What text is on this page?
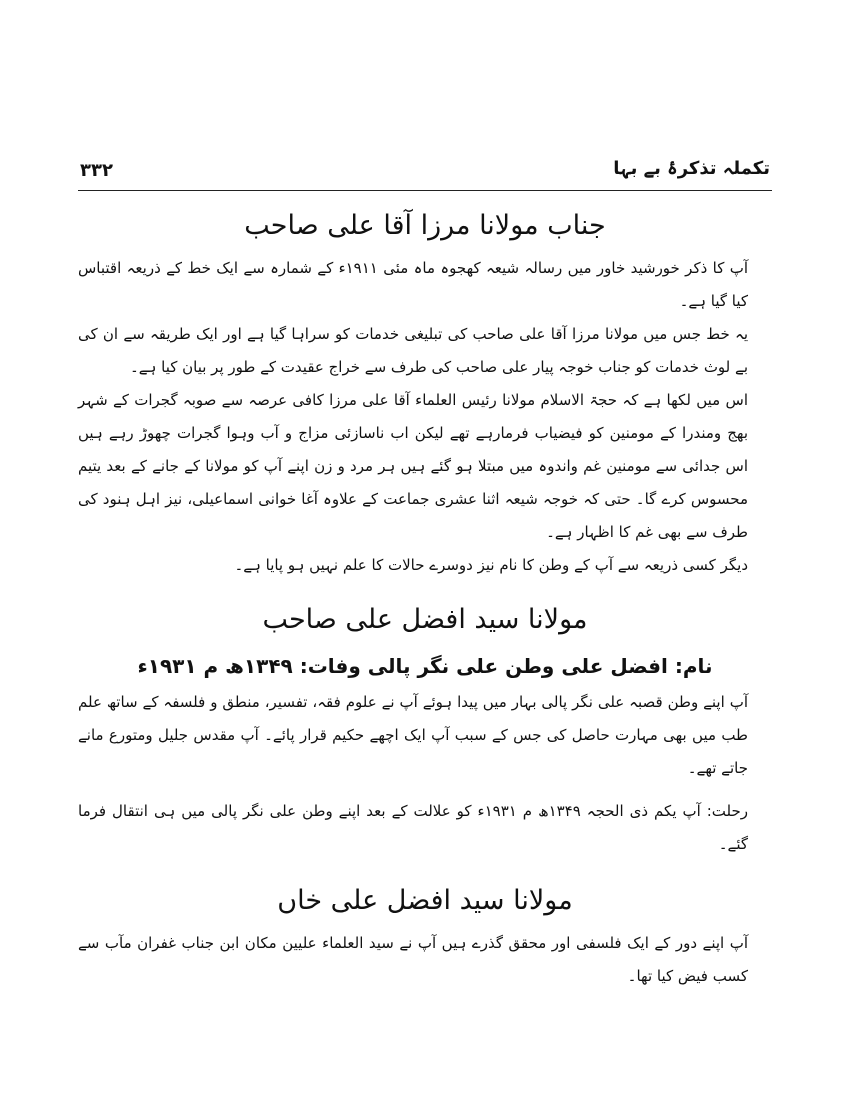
تکملہ تذکرۂ بے بہا
۳۳۲
جناب مولانا مرزا آقا علی صاحب

آپ کا ذکر خورشید خاور میں رسالہ شیعہ کھجوہ ماہ مئی ۱۹۱۱ء کے شمارہ سے ایک خط کے ذریعہ اقتباس کیا گیا ہے۔

یہ خط جس میں مولانا مرزا آقا علی صاحب کی تبلیغی خدمات کو سراہا گیا ہے اور ایک طریقہ سے ان کی بے لوث خدمات کو جناب خوجہ پیار علی صاحب کی طرف سے خراج عقیدت کے طور پر بیان کیا ہے۔

اس میں لکھا ہے کہ حجۃ الاسلام مولانا رئیس العلماء آقا علی مرزا کافی عرصہ سے صوبہ گجرات کے شہر بھج ومندرا کے مومنین کو فیضیاب فرمارہے تھے لیکن اب ناسازئی مزاج و آب وہوا گجرات چھوڑ رہے ہیں اس جدائی سے مومنین غم واندوہ میں مبتلا ہو گئے ہیں ہر مرد و زن اپنے آپ کو مولانا کے جانے کے بعد یتیم محسوس کرے گا۔ حتی کہ خوجہ شیعہ اثنا عشری جماعت کے علاوہ آغا خوانی اسماعیلی، نیز اہل ہنود کی طرف سے بھی غم کا اظہار ہے۔

دیگر کسی ذریعہ سے آپ کے وطن کا نام نیز دوسرے حالات کا علم نہیں ہو پایا ہے۔

مولانا سید افضل علی صاحب

نام: افضل علی وطن علی نگر پالی وفات: ۱۳۴۹ھ م ۱۹۳۱ء

آپ اپنے وطن قصبہ علی نگر پالی بہار میں پیدا ہوئے آپ نے علوم فقہ، تفسیر، منطق و فلسفہ کے ساتھ علم طب میں بھی مہارت حاصل کی جس کے سبب آپ ایک اچھے حکیم قرار پائے۔ آپ مقدس جلیل ومتورع مانے جاتے تھے۔

رحلت: آپ یکم ذی الحجہ ۱۳۴۹ھ م ۱۹۳۱ء کو علالت کے بعد اپنے وطن علی نگر پالی میں ہی انتقال فرما گئے۔

مولانا سید افضل علی خاں

آپ اپنے دور کے ایک فلسفی اور محقق گذرے ہیں آپ نے سید العلماء علیین مکان ابن جناب غفران مآب سے کسب فیض کیا تھا۔
